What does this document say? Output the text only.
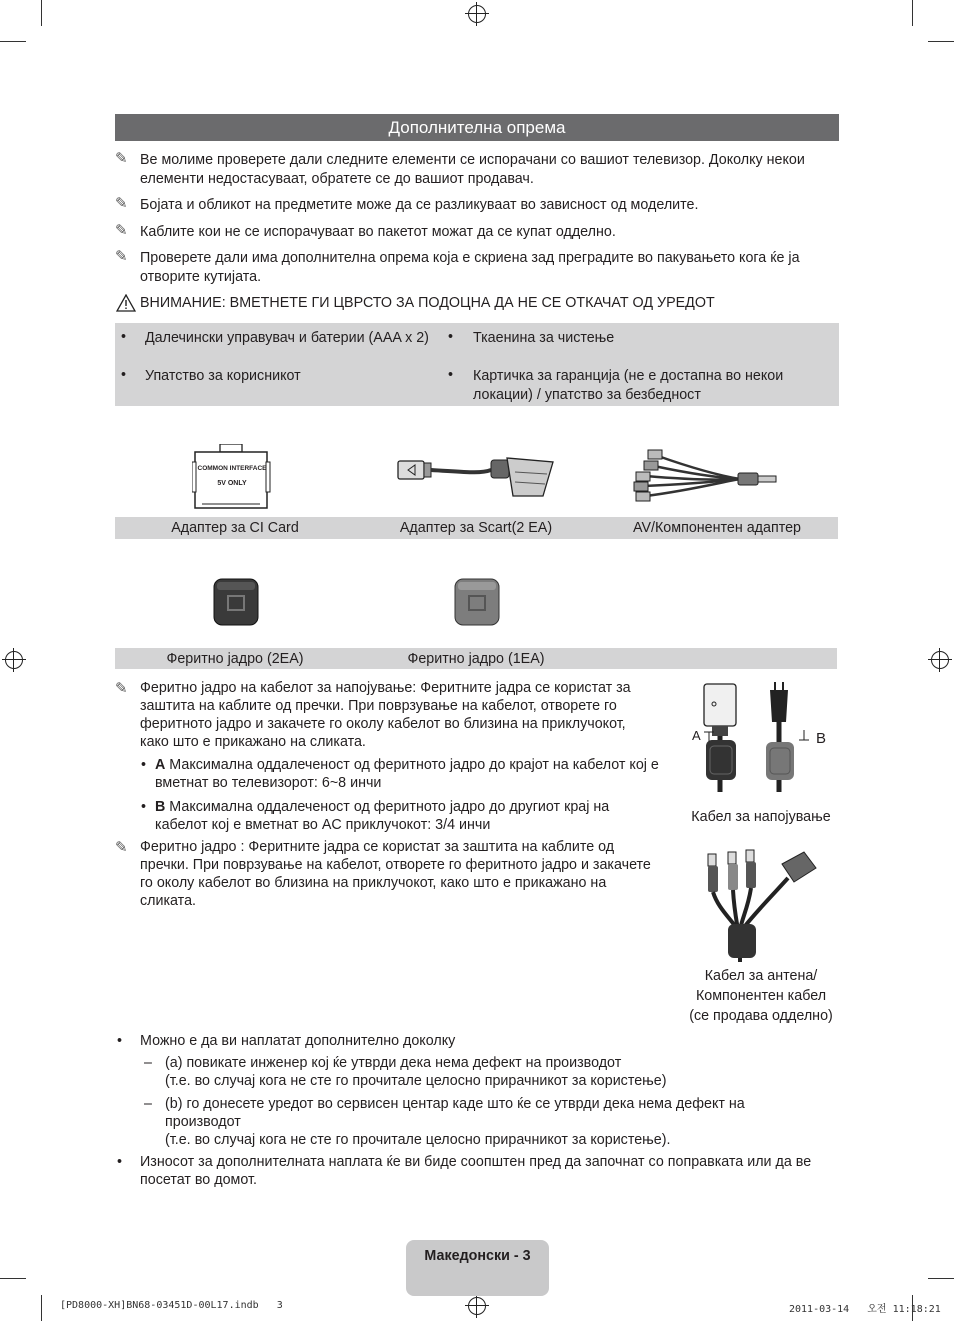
Дополнителна опрема
✎ Ве молиме проверете дали следните елементи се испорачани со вашиот телевизор. Доколку некои
елементи недостасуваат, обратете се до вашиот продавач.
✎ Бојата и обликот на предметите може да се разликуваат во зависност од моделите.
✎ Каблите кои не се испорачуваат во пакетот можат да се купат одделно.
✎ Проверете дали има дополнителна опрема која е скриена зад преградите во пакувањето кога ќе ја
отворите кутијата.
ВНИМАНИЕ: ВМЕТНЕТЕ ГИ ЦВРСТО ЗА ПОДОЦНА ДА НЕ СЕ ОТКАЧАТ ОД УРЕДОТ
• Далечински управувач и батерии (AAA x 2) • Ткаенина за чистење
• Упатство за корисникот	• Картичка за гаранција (не е достапна во некои
локации) / упатство за безбедност
COMMON INTERFACE
5V ONLY
Адаптер за CI Card	Адаптер за Scart(2 EA)	AV/Компонентен адаптер
Феритно јадро (2EA)	Феритно јадро (1EA)
✎ Феритно јадро на кабелот за напојување: Феритните јадра се користат за
заштита на каблите од пречки. При поврзување на кабелот, отворете го
феритното јадро и закачете го околу кабелот во близина на приклучокот,
како што е прикажано на сликата.
• A Максимална оддалеченост од феритното јадро до крајот на кабелот кој е
вметнат во телевизорот: 6~8 инчи
• B Максимална оддалеченост од феритното јадро до другиот крај на
кабелот кој е вметнат во AC приклучокот: 3/4 инчи
✎ Феритно јадро : Феритните јадра се користат за заштита на каблите од
пречки. При поврзување на кабелот, отворете го феритното јадро и закачете
го околу кабелот во близина на приклучокот, како што е прикажано на
сликата.
A	B
Кабел за напојување
Кабел за антена/
Компонентен кабел
(се продава одделно)
• Можно е да ви наплатат дополнително доколку
– (a) повикате инженер кој ќе утврди дека нема дефект на производот
(т.е. во случај кога не сте го прочитале целосно прирачникот за користење)
– (b) го донесете уредот во сервисен центар каде што ќе се утврди дека нема дефект на
производот
(т.е. во случај кога не сте го прочитале целосно прирачникот за користење).
• Износот за дополнителната наплата ќе ви биде соопштен пред да започнат со поправката или да ве
посетат во домот.
Македонски - 3
[PD8000-XH]BN68-03451D-00L17.indb   3	2011-03-14   오전 11:18:21
